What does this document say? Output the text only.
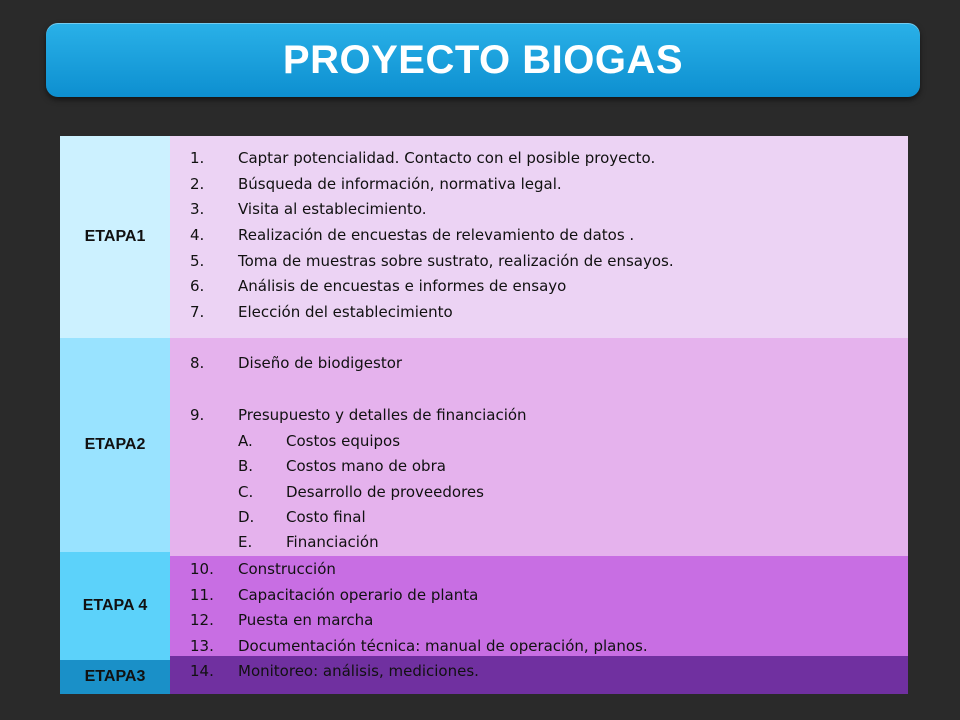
PROYECTO BIOGAS
ETAPA1
ETAPA2
ETAPA 4
ETAPA3
1. Captar potencialidad. Contacto con el posible proyecto.
2. Búsqueda de información, normativa legal.
3. Visita al establecimiento.
4. Realización de encuestas de relevamiento de datos .
5. Toma de muestras sobre sustrato, realización de ensayos.
6. Análisis de encuestas e informes de ensayo
7. Elección del establecimiento
8. Diseño de biodigestor
9. Presupuesto y detalles de financiación
A. Costos equipos
B. Costos mano de obra
C. Desarrollo de proveedores
D. Costo final
E. Financiación
10. Construcción
11. Capacitación operario de planta
12. Puesta en marcha
13. Documentación técnica: manual de operación, planos.
14. Monitoreo: análisis, mediciones.
